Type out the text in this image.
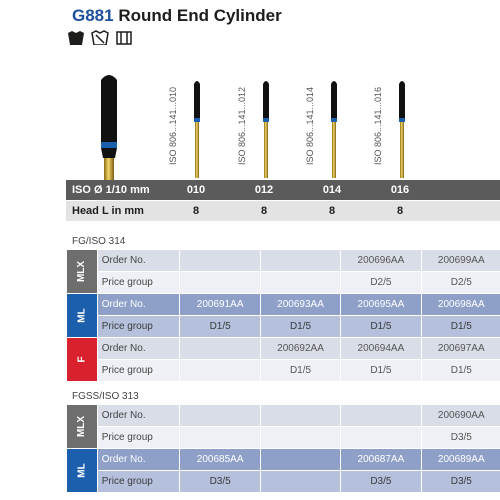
G881 Round End Cylinder
ISO 806...141...010	ISO 806...141...012	ISO 806...141...014	ISO 806...141...016
ISO Ø 1/10 mm	010	012	014	016
Head L in mm	8	8	8	8
FG/ISO 314
MLX	Order No.			200696AA	200699AA
	Price group			D2/5	D2/5
ML	Order No.	200691AA	200693AA	200695AA	200698AA
	Price group	D1/5	D1/5	D1/5	D1/5
F	Order No.		200692AA	200694AA	200697AA
	Price group		D1/5	D1/5	D1/5
FGSS/ISO 313
MLX	Order No.				200690AA
	Price group				D3/5
ML	Order No.	200685AA		200687AA	200689AA
	Price group	D3/5		D3/5	D3/5
